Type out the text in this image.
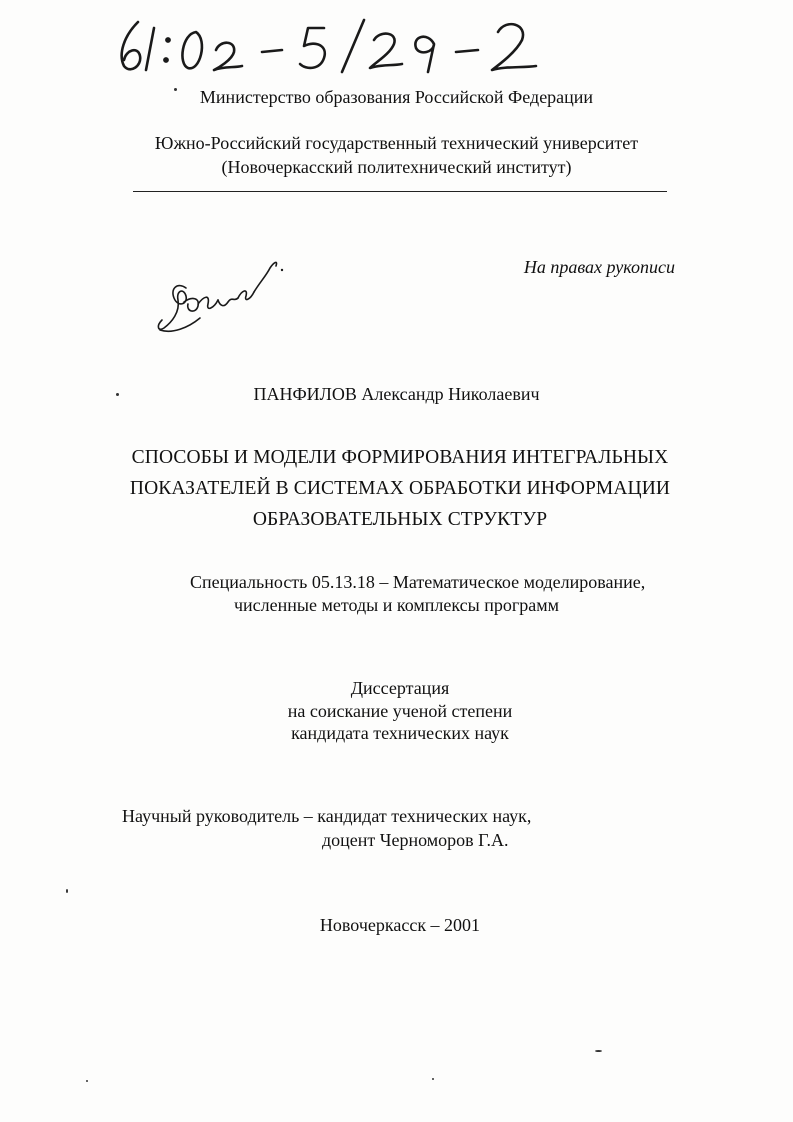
Министерство образования Российской Федерации
Южно-Российский государственный технический университет
(Новочеркасский политехнический институт)
На правах рукописи
ПАНФИЛОВ Александр Николаевич
СПОСОБЫ И МОДЕЛИ ФОРМИРОВАНИЯ ИНТЕГРАЛЬНЫХ
ПОКАЗАТЕЛЕЙ В СИСТЕМАХ ОБРАБОТКИ ИНФОРМАЦИИ
ОБРАЗОВАТЕЛЬНЫХ СТРУКТУР
Специальность 05.13.18 – Математическое моделирование,
численные методы и комплексы программ
Диссертация
на соискание ученой степени
кандидата технических наук
Научный руководитель – кандидат технических наук,
доцент Черноморов Г.А.
Новочеркасск – 2001
